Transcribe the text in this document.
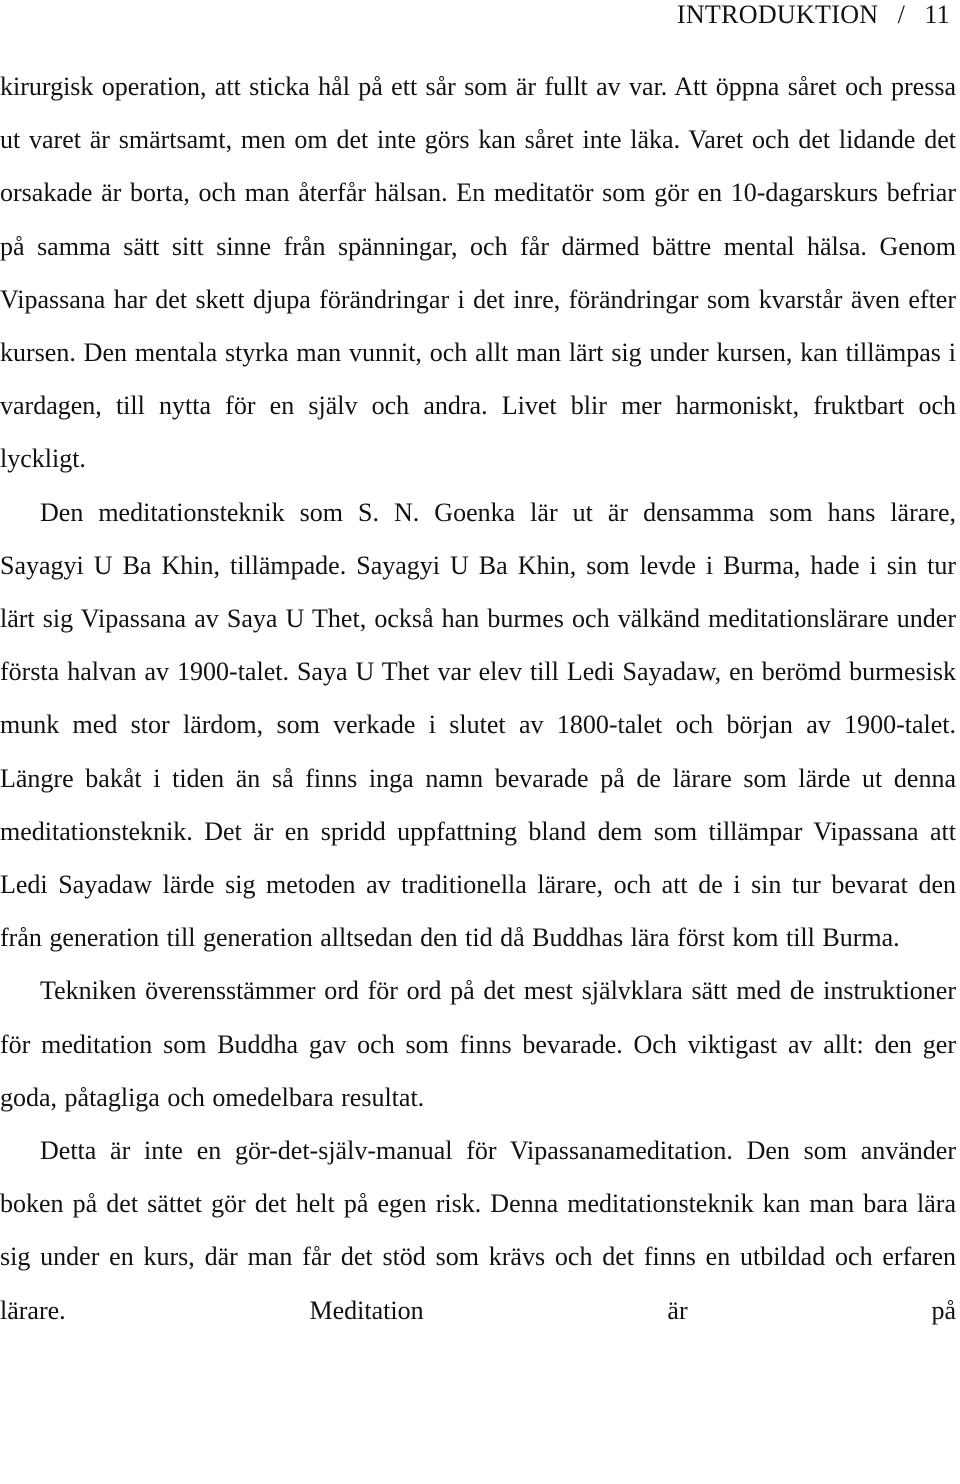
INTRODUKTION / 11

kirurgisk operation, att sticka hål på ett sår som är fullt av var. Att öppna såret och pressa ut varet är smärtsamt, men om det inte görs kan såret inte läka. Varet och det lidande det orsakade är borta, och man återfår hälsan. En meditatör som gör en 10-dagarskurs befriar på samma sätt sitt sinne från spänningar, och får därmed bättre mental hälsa. Genom Vipassana har det skett djupa förändringar i det inre, förändringar som kvarstår även efter kursen. Den mentala styrka man vunnit, och allt man lärt sig under kursen, kan tillämpas i vardagen, till nytta för en själv och andra. Livet blir mer harmoniskt, fruktbart och lyckligt.

Den meditationsteknik som S. N. Goenka lär ut är densamma som hans lärare, Sayagyi U Ba Khin, tillämpade. Sayagyi U Ba Khin, som levde i Burma, hade i sin tur lärt sig Vipassana av Saya U Thet, också han burmes och välkänd meditationslärare under första halvan av 1900-talet. Saya U Thet var elev till Ledi Sayadaw, en berömd burmesisk munk med stor lärdom, som verkade i slutet av 1800-talet och början av 1900-talet. Längre bakåt i tiden än så finns inga namn bevarade på de lärare som lärde ut denna meditationsteknik. Det är en spridd uppfattning bland dem som tillämpar Vipassana att Ledi Sayadaw lärde sig metoden av traditionella lärare, och att de i sin tur bevarat den från generation till generation alltsedan den tid då Buddhas lära först kom till Burma.

Tekniken överensstämmer ord för ord på det mest självklara sätt med de instruktioner för meditation som Buddha gav och som finns bevarade. Och viktigast av allt: den ger goda, påtagliga och omedelbara resultat.

Detta är inte en gör-det-själv-manual för Vipassanameditation. Den som använder boken på det sättet gör det helt på egen risk. Denna meditationsteknik kan man bara lära sig under en kurs, där man får det stöd som krävs och det finns en utbildad och erfaren lärare. Meditation är på
